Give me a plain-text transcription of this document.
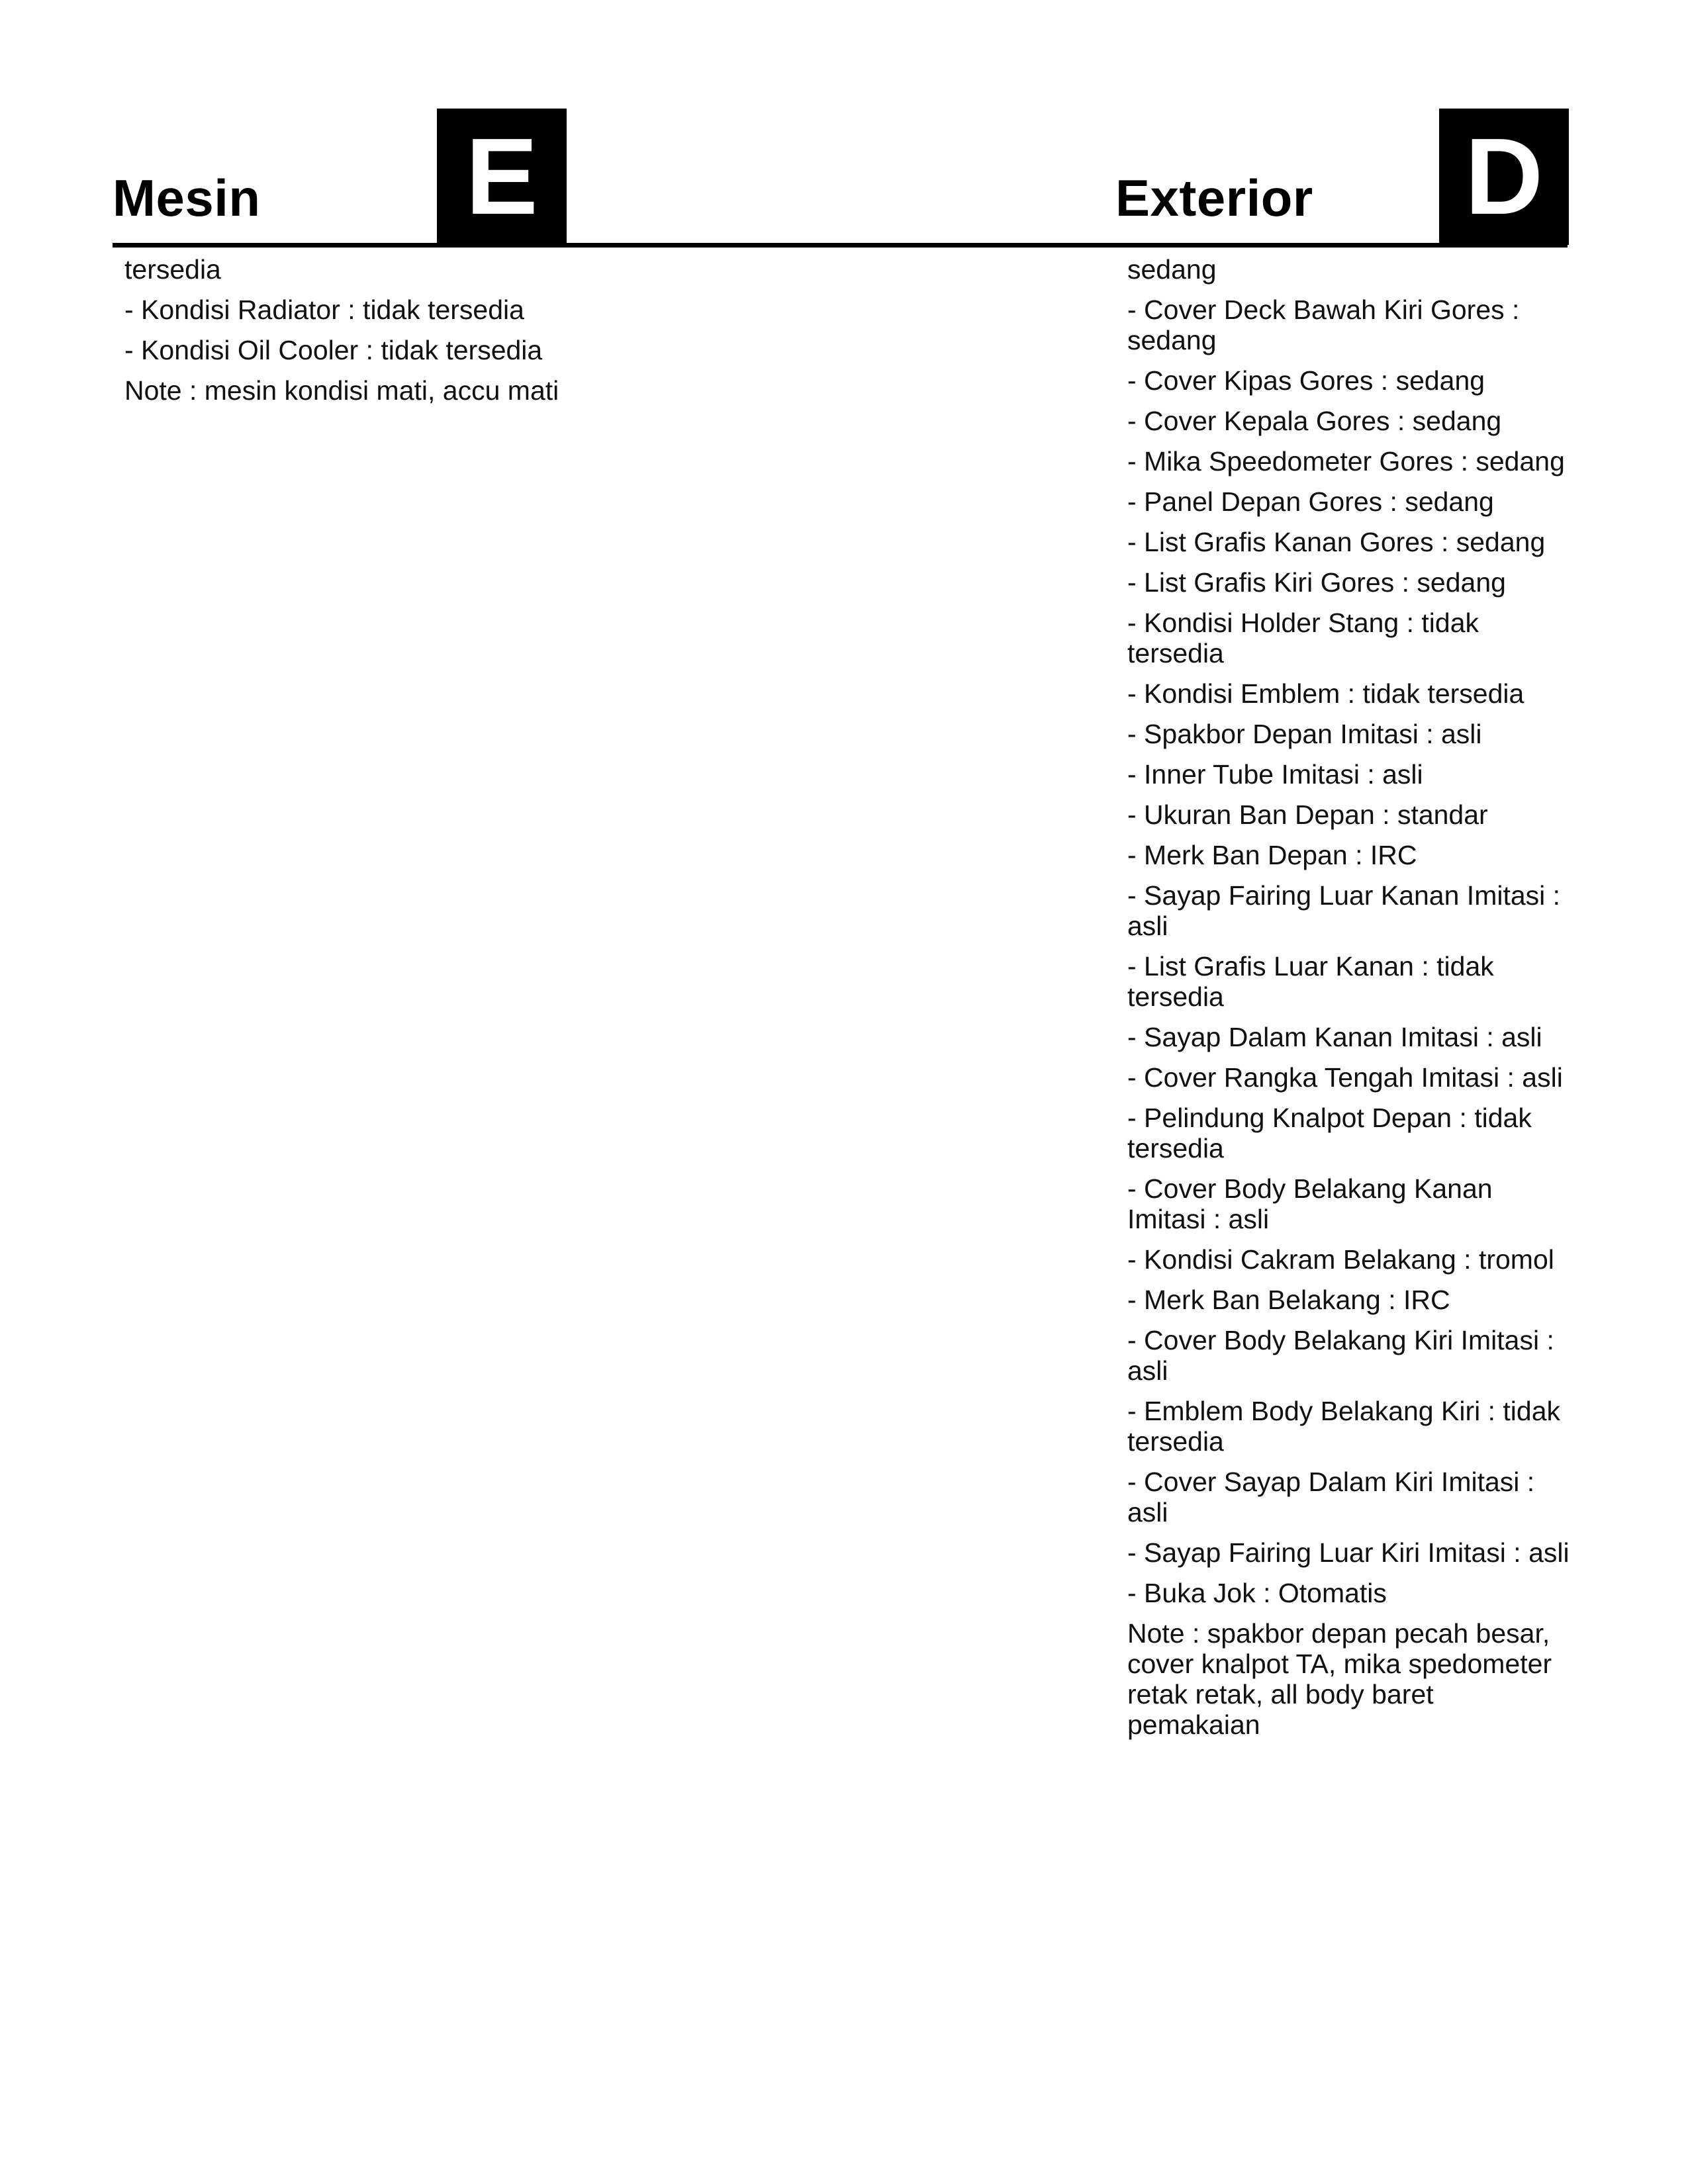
Mesin E	Exterior D

tersedia

- Kondisi Radiator : tidak tersedia

- Kondisi Oil Cooler : tidak tersedia

Note : mesin kondisi mati, accu mati

sedang

- Cover Deck Bawah Kiri Gores : sedang

- Cover Kipas Gores : sedang

- Cover Kepala Gores : sedang

- Mika Speedometer Gores : sedang

- Panel Depan Gores : sedang

- List Grafis Kanan Gores : sedang

- List Grafis Kiri Gores : sedang

- Kondisi Holder Stang : tidak tersedia

- Kondisi Emblem : tidak tersedia

- Spakbor Depan Imitasi : asli

- Inner Tube Imitasi : asli

- Ukuran Ban Depan : standar

- Merk Ban Depan : IRC

- Sayap Fairing Luar Kanan Imitasi : asli

- List Grafis Luar Kanan : tidak tersedia

- Sayap Dalam Kanan Imitasi : asli

- Cover Rangka Tengah Imitasi : asli

- Pelindung Knalpot Depan : tidak tersedia

- Cover Body Belakang Kanan Imitasi : asli

- Kondisi Cakram Belakang : tromol

- Merk Ban Belakang : IRC

- Cover Body Belakang Kiri Imitasi : asli

- Emblem Body Belakang Kiri : tidak tersedia

- Cover Sayap Dalam Kiri Imitasi : asli

- Sayap Fairing Luar Kiri Imitasi : asli

- Buka Jok : Otomatis

Note : spakbor depan pecah besar, cover knalpot TA, mika spedometer retak retak, all body baret pemakaian
